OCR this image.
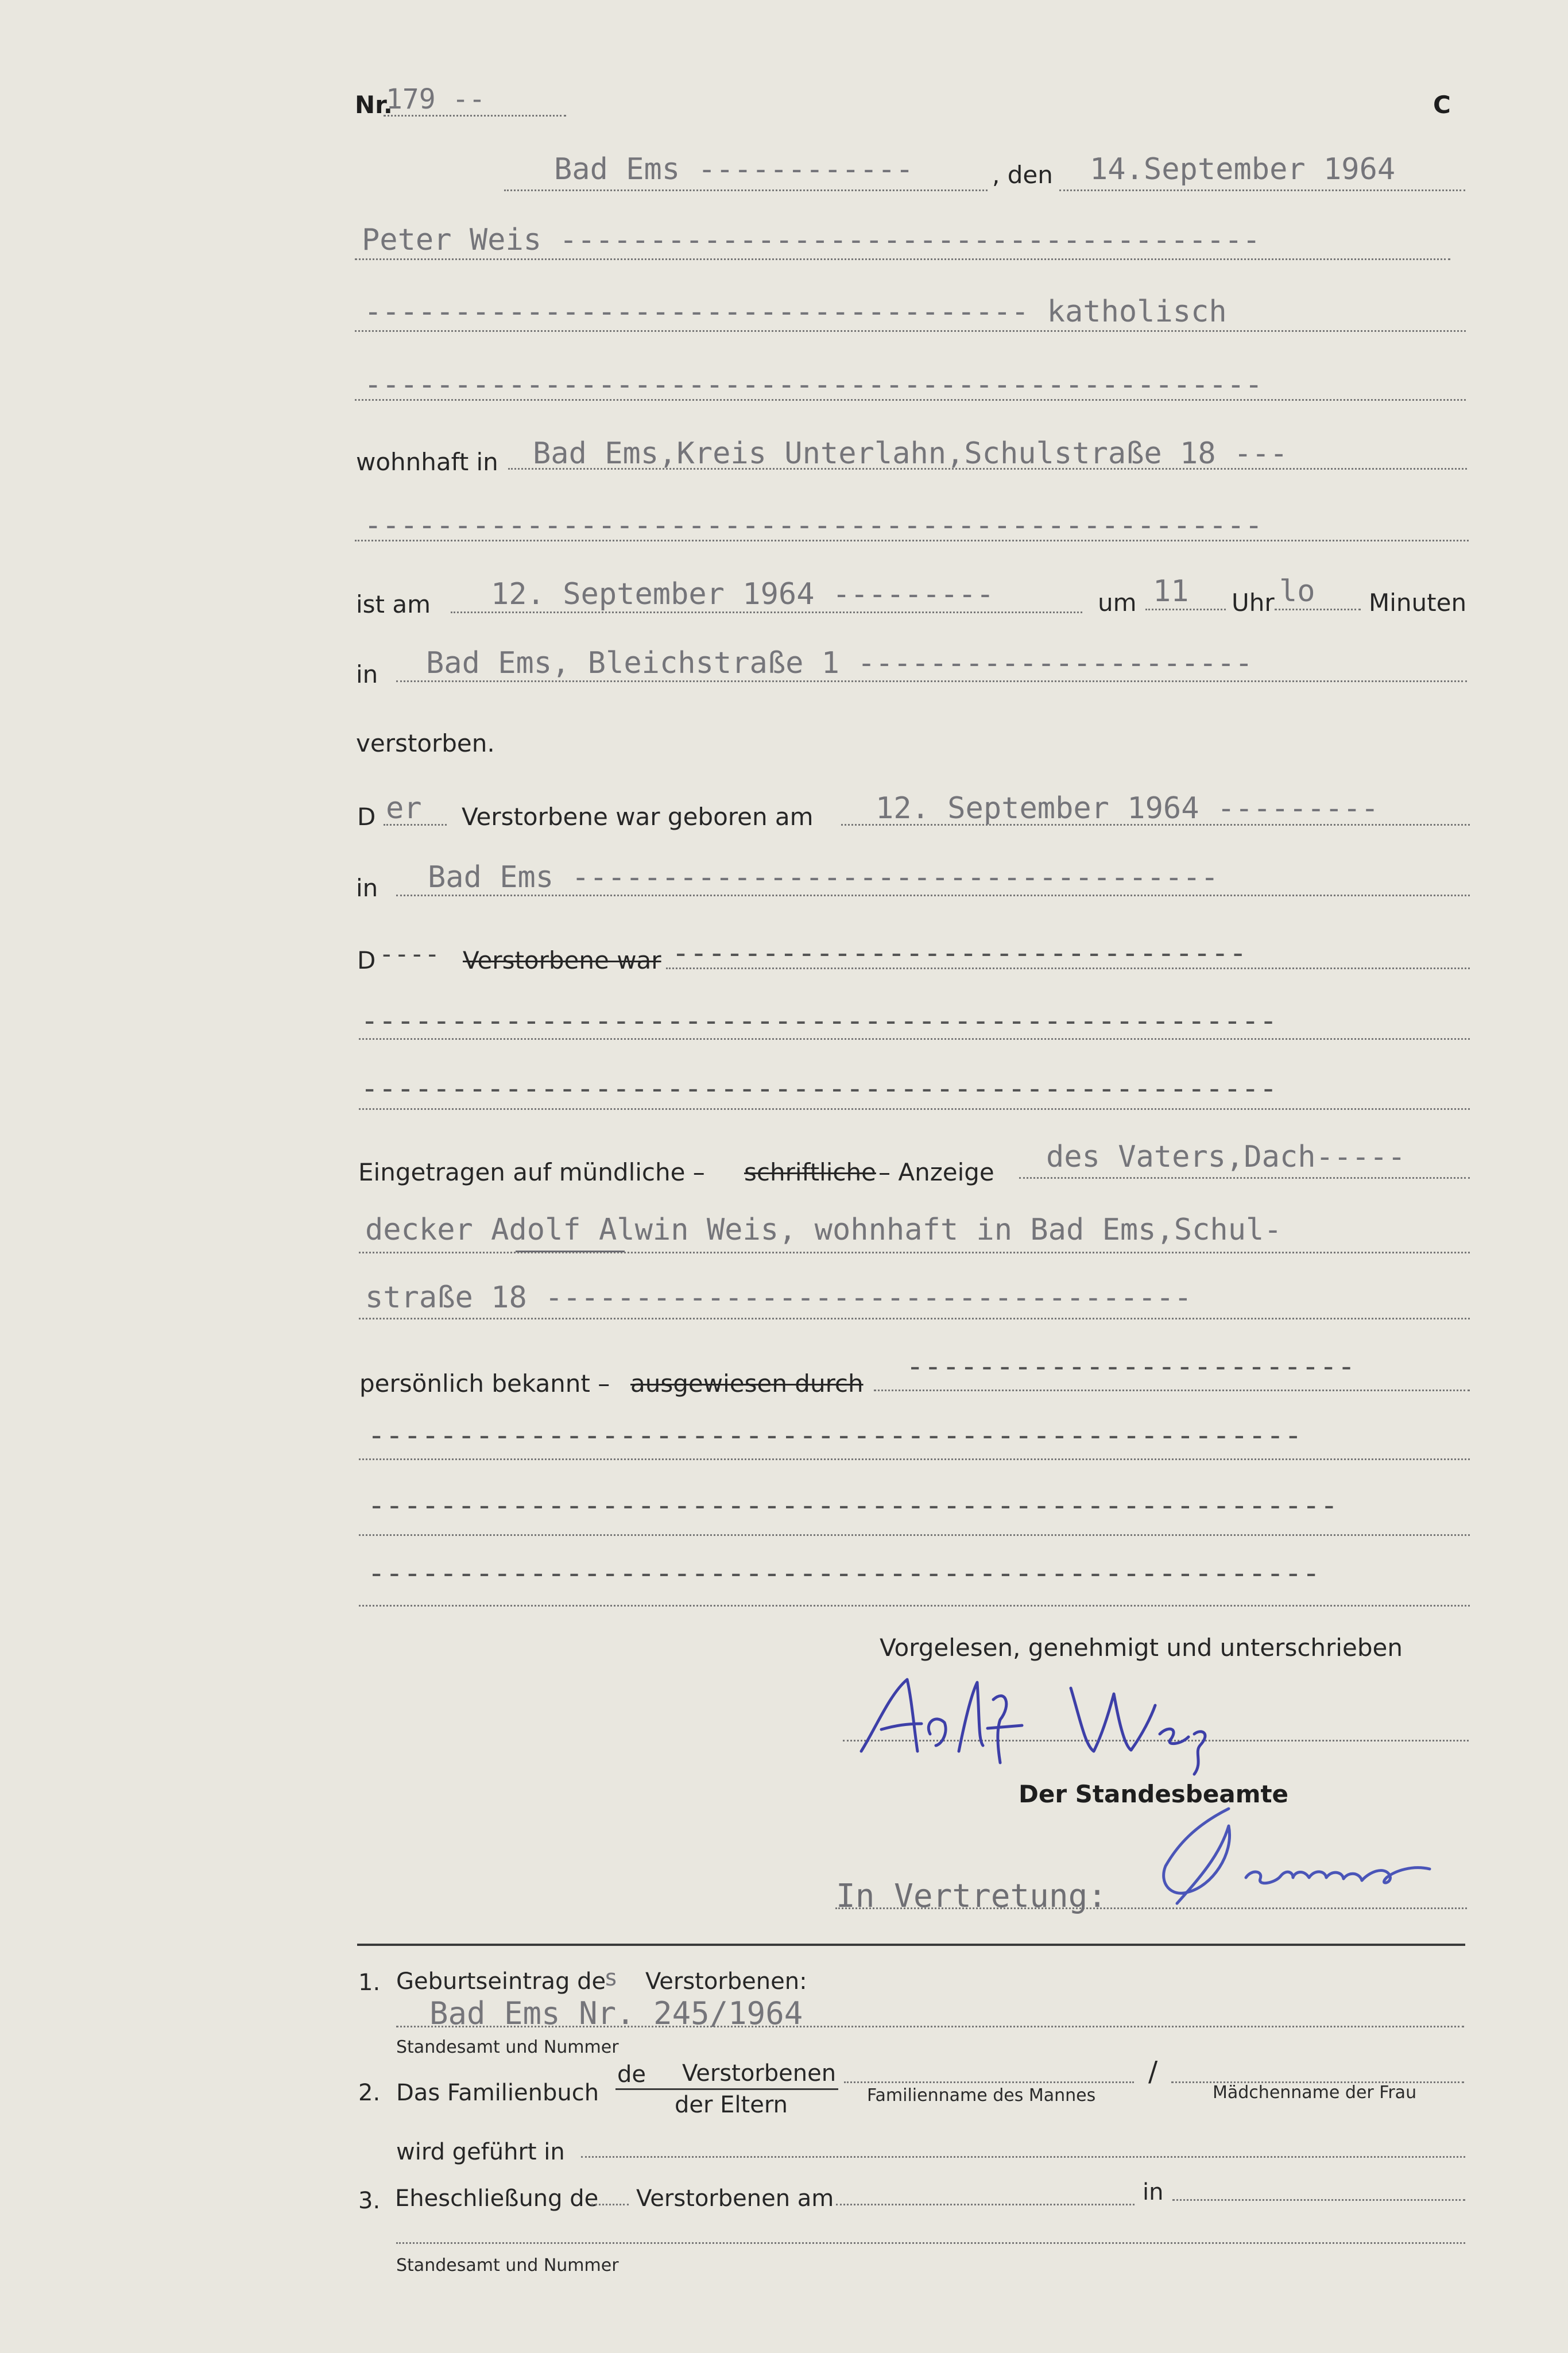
Nr.
179 --	C
Bad Ems ------------	, den 14.September 1964
Peter Weis ---------------------------------------
------------------------------------- katholisch
--------------------------------------------------
wohnhaft in Bad Ems,Kreis Unterlahn,Schulstraße 18 ---
--------------------------------------------------
ist am 12. September 1964 ---------	um 11 Uhr lo Minuten
in Bad Ems, Bleichstraße 1 ----------------------
verstorben.
D er Verstorbene war geboren am 12. September 1964 ---------
in Bad Ems ------------------------------------
D ---- Verstorbene war --------------------------------
---------------------------------------------------
---------------------------------------------------
Eingetragen auf mündliche – schriftliche – Anzeige des Vaters,Dach-----
decker Adolf Alwin Weis, wohnhaft in Bad Ems,Schul-
straße 18 ------------------------------------
persönlich bekannt – ausgewiesen durch -------------------------
----------------------------------------------------
------------------------------------------------------
-----------------------------------------------------
Vorgelesen, genehmigt und unterschrieben
Der Standesbeamte
In Vertretung:
1. Geburtseintrag de
s Verstorbenen:
Bad Ems Nr. 245/1964
Standesamt und Nummer
2. Das Familienbuch
de Verstorbenen
der Eltern	Familienname des Mannes
/
Mädchenname der Frau
wird geführt in
3. Eheschließung de Verstorbenen am	in
Standesamt und Nummer
